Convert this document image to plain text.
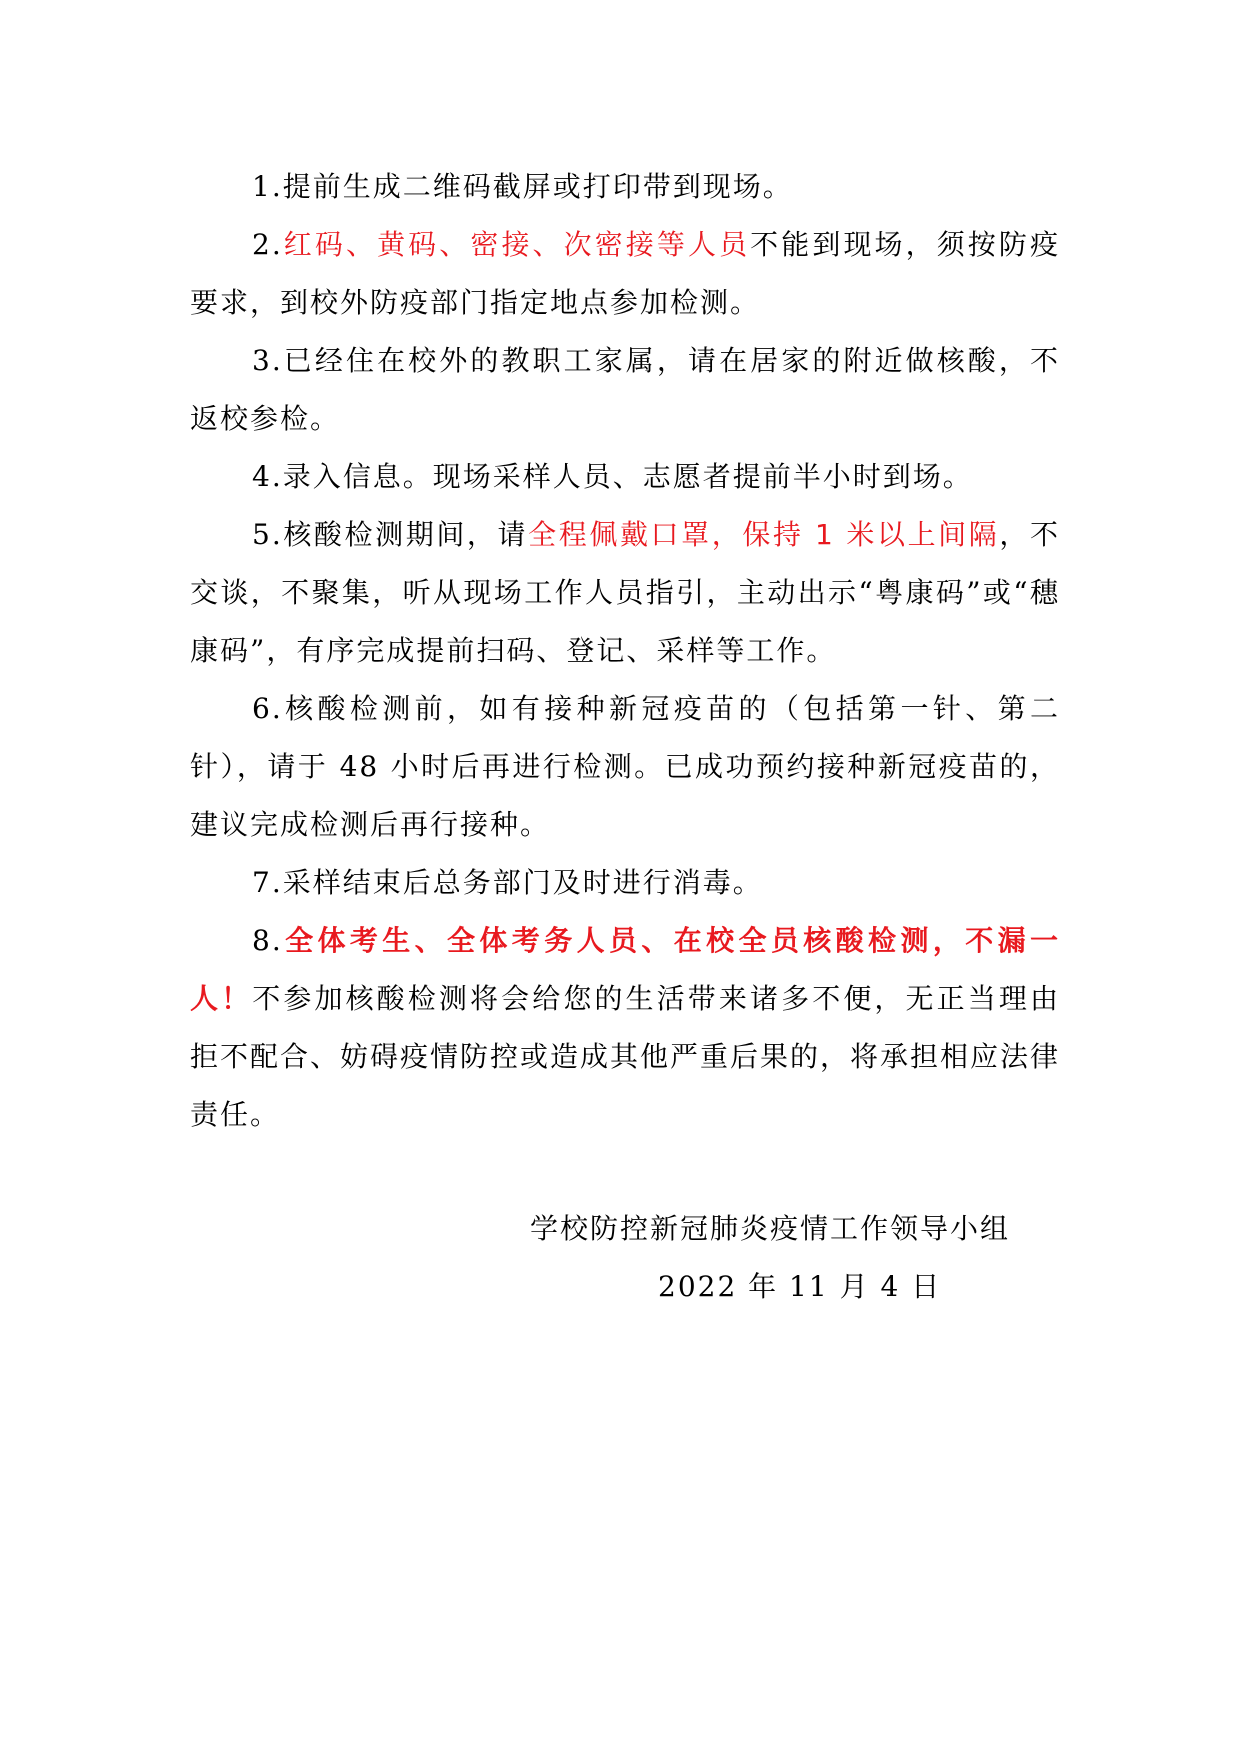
1.提前生成二维码截屏或打印带到现场。

2.红码、黄码、密接、次密接等人员不能到现场，须按防疫要求，到校外防疫部门指定地点参加检测。

3.已经住在校外的教职工家属，请在居家的附近做核酸，不返校参检。

4.录入信息。现场采样人员、志愿者提前半小时到场。

5.核酸检测期间，请全程佩戴口罩，保持 1 米以上间隔，不交谈，不聚集，听从现场工作人员指引，主动出示“粤康码”或“穗康码”，有序完成提前扫码、登记、采样等工作。

6.核酸检测前，如有接种新冠疫苗的（包括第一针、第二针），请于 48 小时后再进行检测。已成功预约接种新冠疫苗的，建议完成检测后再行接种。

7.采样结束后总务部门及时进行消毒。

8.全体考生、全体考务人员、在校全员核酸检测，不漏一人！不参加核酸检测将会给您的生活带来诸多不便，无正当理由拒不配合、妨碍疫情防控或造成其他严重后果的，将承担相应法律责任。

学校防控新冠肺炎疫情工作领导小组

2022 年 11 月 4 日
